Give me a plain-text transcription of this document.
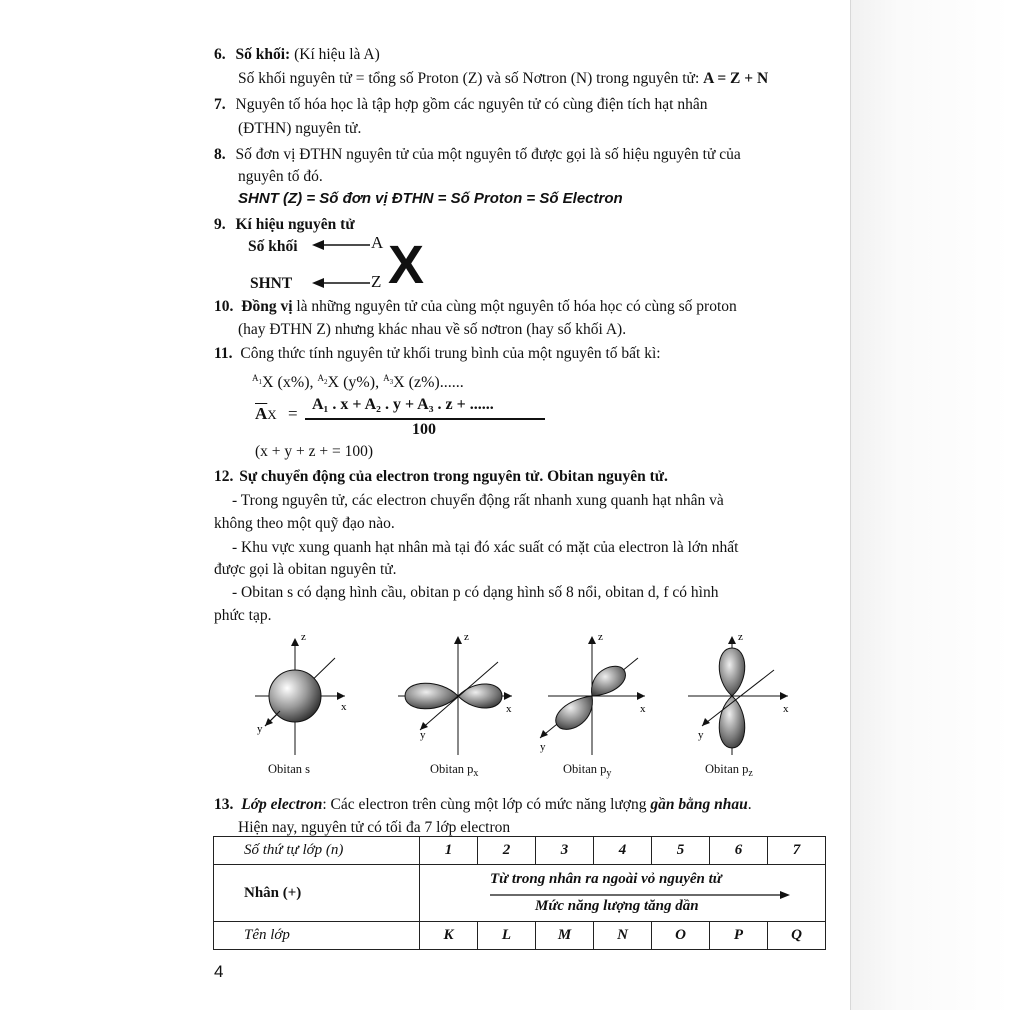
6. Số khối: (Kí hiệu là A)
Số khối nguyên tử = tổng số Proton (Z) và số Nơtron (N) trong nguyên tử: A = Z + N
7. Nguyên tố hóa học là tập hợp gồm các nguyên tử có cùng điện tích hạt nhân
(ĐTHN) nguyên tử.
8. Số đơn vị ĐTHN nguyên tử của một nguyên tố được gọi là số hiệu nguyên tử của
nguyên tố đó.
SHNT (Z) = Số đơn vị ĐTHN = Số Proton = Số Electron
9. Kí hiệu nguyên tử
Số khối	A
SHNT	Z X
10. Đồng vị là những nguyên tử của cùng một nguyên tố hóa học có cùng số proton
(hay ĐTHN Z) nhưng khác nhau về số nơtron (hay số khối A).
11. Công thức tính nguyên tử khối trung bình của một nguyên tố bất kì:
$^{A1}$X (x%), $^{A2}$X (y%), $^{A3}$X (z%)......
$\overline{A}X = A_1$ . x + A₂ . y + A₃ . z + ......
100
(x + y + z + = 100)
12. Sự chuyển động của electron trong nguyên tử. Obitan nguyên tử.
- Trong nguyên tử, các electron chuyển động rất nhanh xung quanh hạt nhân và
không theo một quỹ đạo nào.
- Khu vực xung quanh hạt nhân mà tại đó xác suất có mặt của electron là lớn nhất
được gọi là obitan nguyên tử.
- Obitan s có dạng hình cầu, obitan p có dạng hình số 8 nổi, obitan d, f có hình
phức tạp.
z
x
y
z
x
y
z
x
y
z
x
y
Obitan s	Obitan $p_x$	Obitan $p_y$	Obitan $p_z$
13. Lớp electron: Các electron trên cùng một lớp có mức năng lượng gần bằng nhau.
Hiện nay, nguyên tử có tối đa 7 lớp electron
Số thứ tự lớp (n)	1	2	3	4	5	6	7
Nhân (+)	Từ trong nhân ra ngoài vỏ nguyên tử
Mức năng lượng tăng dần						

Tên lớp	K	L	M	N	O	P	Q
4
